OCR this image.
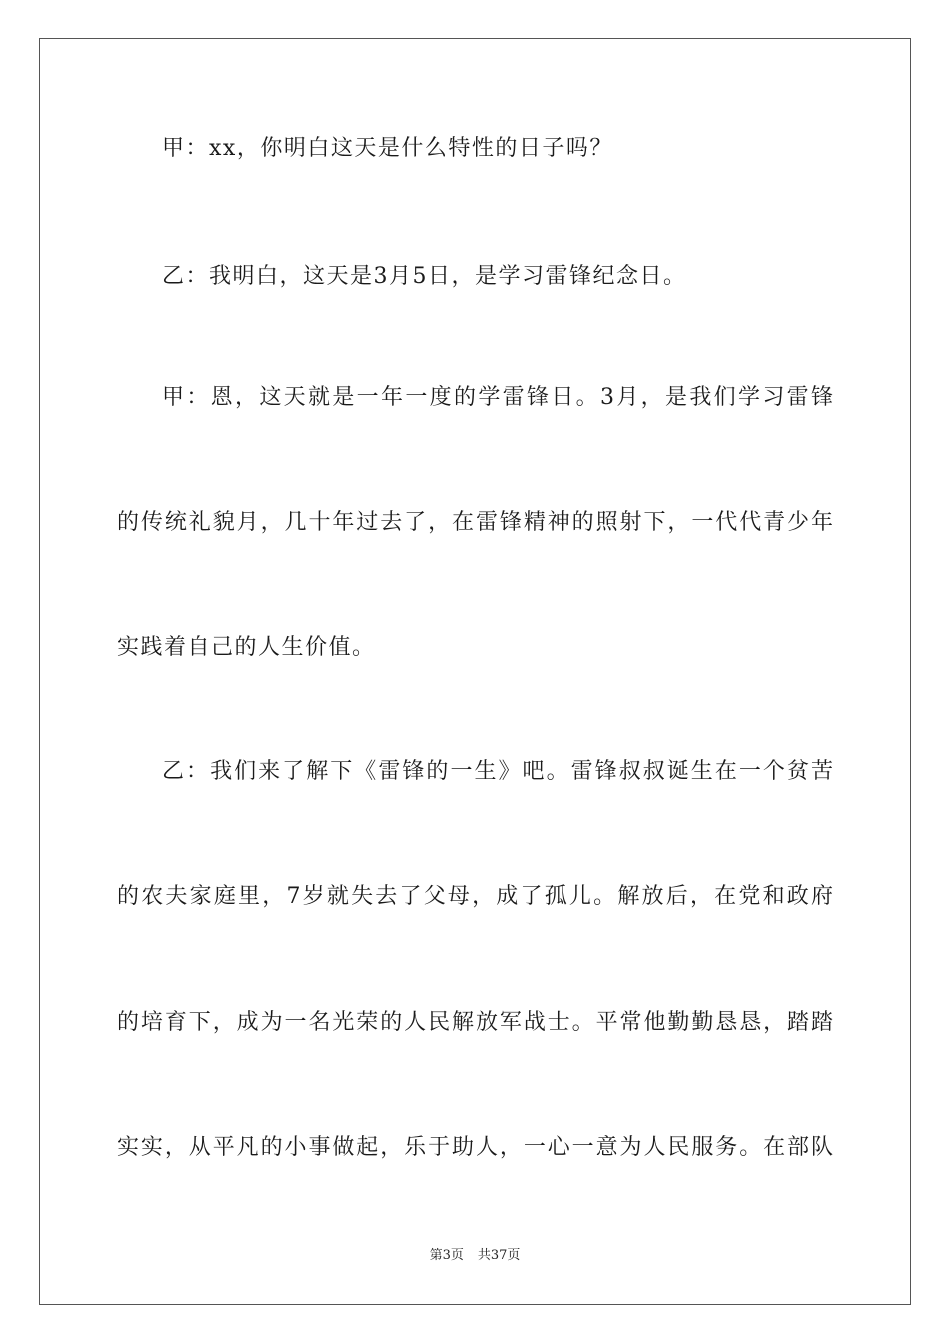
甲：xx，你明白这天是什么特性的日子吗？
乙：我明白，这天是3月5日，是学习雷锋纪念日。
甲：恩，这天就是一年一度的学雷锋日。3月，是我们学习雷锋
的传统礼貌月，几十年过去了，在雷锋精神的照射下，一代代青少年
实践着自己的人生价值。
乙：我们来了解下《雷锋的一生》吧。雷锋叔叔诞生在一个贫苦
的农夫家庭里，7岁就失去了父母，成了孤儿。解放后，在党和政府
的培育下，成为一名光荣的人民解放军战士。平常他勤勤恳恳，踏踏
实实，从平凡的小事做起，乐于助人，一心一意为人民服务。在部队
第3页 共37页
